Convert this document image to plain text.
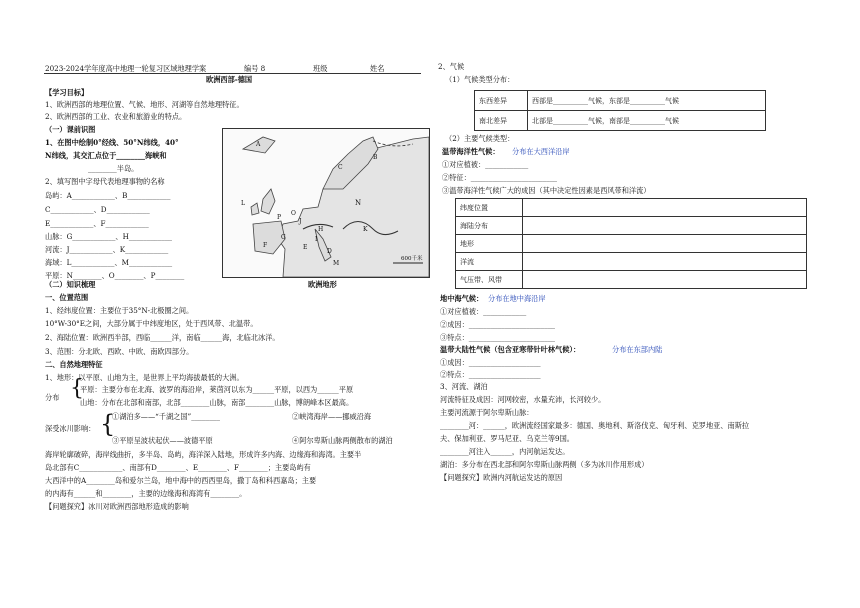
2023-2024学年度高中地理一轮复习区域地理学案	编号 8	班级	姓名
欧洲西部-德国
【学习目标】
1、欧洲西部的地理位置、气候、地形、河湖等自然地理特征。
2、欧洲西部的工业、农业和旅游业的特点。
（一）课前识图
1、在图中绘制0°经线、50°N纬线，40°
N纬线，其交汇点位于________海峡和
________半岛。
2、填写图中字母代表地理事物的名称
岛屿：A____________、B____________
C____________、D____________
E____________、F____________
山脉：G____________、H____________
河流：J____________、K____________
海域：L____________、M____________
平原：N________、O________、P________
A
B
C
D
E
F
G
H
I
J
K
L
M
N
O
P
600千米
欧洲地形
（二）知识梳理
一、位置范围
1、经纬度位置：主要位于35°N-北极圈之间。
10°W-30°E之间，大部分属于中纬度地区，处于西风带、北温带。
2、海陆位置：欧洲西半部，西临______洋，南临______海，北临北冰洋。
3、范围：分北欧、西欧、中欧、南欧四部分。
二、自然地理特征
1、地形：以平原、山地为主，是世界上平均海拔最低的大洲。
分布 {
平原：主要分布在北海、波罗的海沿岸，莱茵河以东为______平原，以西为______平原
山地：分布在北部和南部，北部________山脉，南部________山脉，博朗峰本区最高。
深受冰川影响： {
①湖泊多——“千湖之国”________	②峡湾海岸——挪威沿海
③平原呈波状起伏——波德平原	④阿尔卑斯山脉两侧散布的湖泊
海岸轮廓破碎，海岸线曲折，多半岛、岛屿，海洋深入陆地，形成许多内海、边缘海和海湾。主要半
岛北部有C____________、南部有D________、E________、F________；主要岛屿有
大西洋中的A________岛和爱尔兰岛，地中海中的西西里岛，撒丁岛和科西嘉岛；主要
的内海有______和________，主要的边缘海和海湾有________。
【问题探究】冰川对欧洲西部地形造成的影响
2、气候
（1）气候类型分布：
东西差异	西部是__________气候，东部是__________气候
南北差异	北部是__________气候，南部是__________气候
（2）主要气候类型：
温带海洋性气候： 分布在大西洋沿岸
①对应植被：____________
②特征：________________________
③温带海洋性气候广大的成因（其中决定性因素是西风带和洋流）
纬度位置	
海陆分布	
地形	
洋流	
气压带、风带	
地中海气候： 分布在地中海沿岸
①对应植被：____________
②成因：________________________
③特点：________________________
温带大陆性气候（包含亚寒带针叶林气候）：	分布在东部内陆
①成因：____________________
②特点：____________________
3、河流、湖泊
河流特征及成因：河网较密，水量充沛，长河较少。
主要河流源于阿尔卑斯山脉：
________河：______，欧洲流经国家最多：德国、奥地利、斯洛伐克、匈牙利、克罗地亚、南斯拉
夫、保加利亚、罗马尼亚、乌克兰等9国。
________河注入______，内河航运发达。
湖泊：多分布在西北部和阿尔卑斯山脉两侧（多为冰川作用形成）
【问题探究】欧洲内河航运发达的原因
